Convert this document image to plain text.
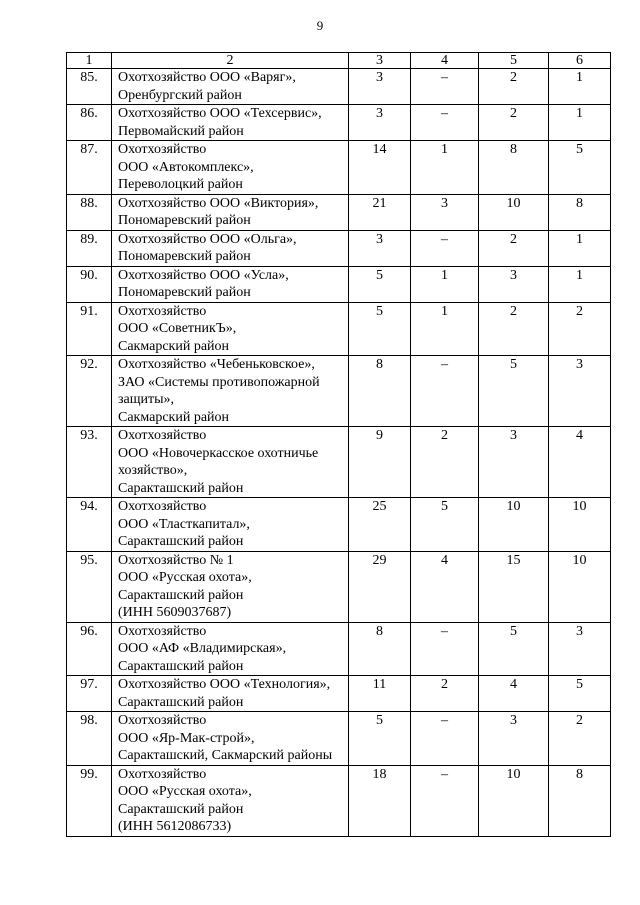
9
1	2	3	4	5	6
85.	Охотхозяйство ООО «Варяг»,
Оренбургский район	3	–	2	1
86.	Охотхозяйство ООО «Техсервис»,
Первомайский район	3	–	2	1
87.	Охотхозяйство
ООО «Автокомплекс»,
Переволоцкий район	14	1	8	5
88.	Охотхозяйство ООО «Виктория»,
Пономаревский район	21	3	10	8
89.	Охотхозяйство ООО «Ольга»,
Пономаревский район	3	–	2	1
90.	Охотхозяйство ООО «Усла»,
Пономаревский район	5	1	3	1
91.	Охотхозяйство
ООО «СоветникЪ»,
Сакмарский район	5	1	2	2
92.	Охотхозяйство «Чебеньковское»,
ЗАО «Системы противопожарной
защиты»,
Сакмарский район	8	–	5	3
93.	Охотхозяйство
ООО «Новочеркасское охотничье
хозяйство»,
Саракташский район	9	2	3	4
94.	Охотхозяйство
ООО «Тласткапитал»,
Саракташский район	25	5	10	10
95.	Охотхозяйство № 1
ООО «Русская охота»,
Саракташский район
(ИНН 5609037687)	29	4	15	10
96.	Охотхозяйство
ООО «АФ «Владимирская»,
Саракташский район	8	–	5	3
97.	Охотхозяйство ООО «Технология»,
Саракташский район	11	2	4	5
98.	Охотхозяйство
ООО «Яр-Мак-строй»,
Саракташский, Сакмарский районы	5	–	3	2
99.	Охотхозяйство
ООО «Русская охота»,
Саракташский район
(ИНН 5612086733)	18	–	10	8
